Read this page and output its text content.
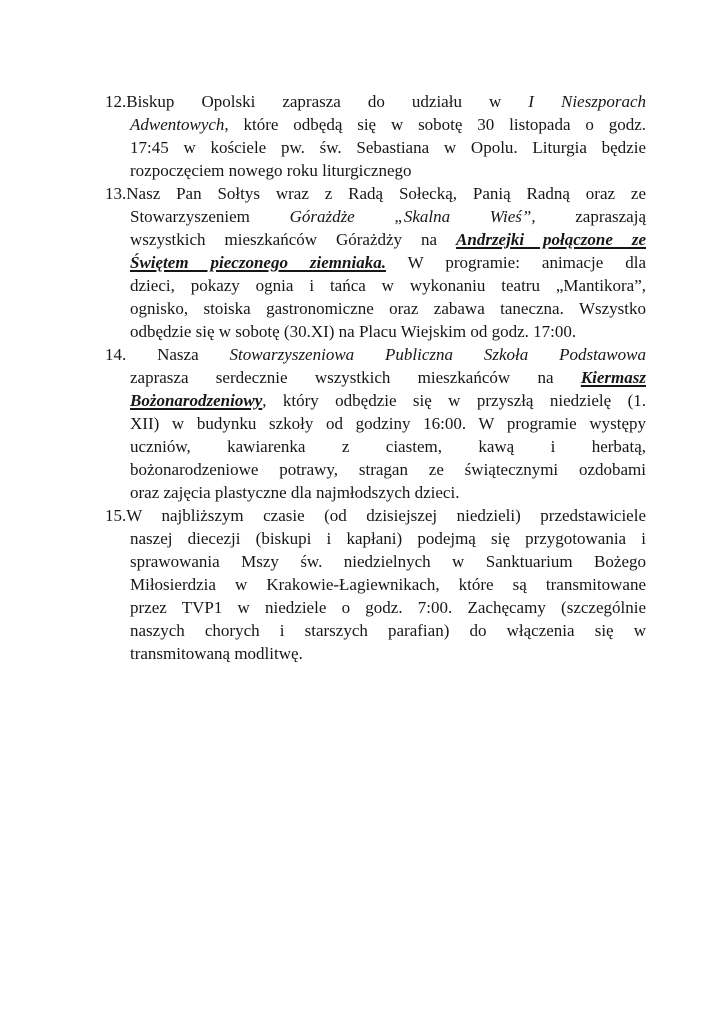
12.Biskup Opolski zaprasza do udziału w I Nieszporach
Adwentowych, które odbędą się w sobotę 30 listopada o godz.
17:45 w kościele pw. św. Sebastiana w Opolu. Liturgia będzie
rozpoczęciem nowego roku liturgicznego
13.Nasz Pan Sołtys wraz z Radą Sołecką, Panią Radną oraz ze
Stowarzyszeniem Górażdże „Skalna Wieś”, zapraszają
wszystkich mieszkańców Górażdży na Andrzejki połączone ze
Świętem pieczonego ziemniaka. W programie: animacje dla
dzieci, pokazy ognia i tańca w wykonaniu teatru „Mantikora”,
ognisko, stoiska gastronomiczne oraz zabawa taneczna. Wszystko
odbędzie się w sobotę (30.XI) na Placu Wiejskim od godz. 17:00.
14. Nasza Stowarzyszeniowa Publiczna Szkoła Podstawowa
zaprasza serdecznie wszystkich mieszkańców na Kiermasz
Bożonarodzeniowy, który odbędzie się w przyszłą niedzielę (1.
XII) w budynku szkoły od godziny 16:00. W programie występy
uczniów, kawiarenka z ciastem, kawą i herbatą,
bożonarodzeniowe potrawy, stragan ze świątecznymi ozdobami
oraz zajęcia plastyczne dla najmłodszych dzieci.
15.W najbliższym czasie (od dzisiejszej niedzieli) przedstawiciele
naszej diecezji (biskupi i kapłani) podejmą się przygotowania i
sprawowania Mszy św. niedzielnych w Sanktuarium Bożego
Miłosierdzia w Krakowie-Łagiewnikach, które są transmitowane
przez TVP1 w niedziele o godz. 7:00. Zachęcamy (szczególnie
naszych chorych i starszych parafian) do włączenia się w
transmitowaną modlitwę.
